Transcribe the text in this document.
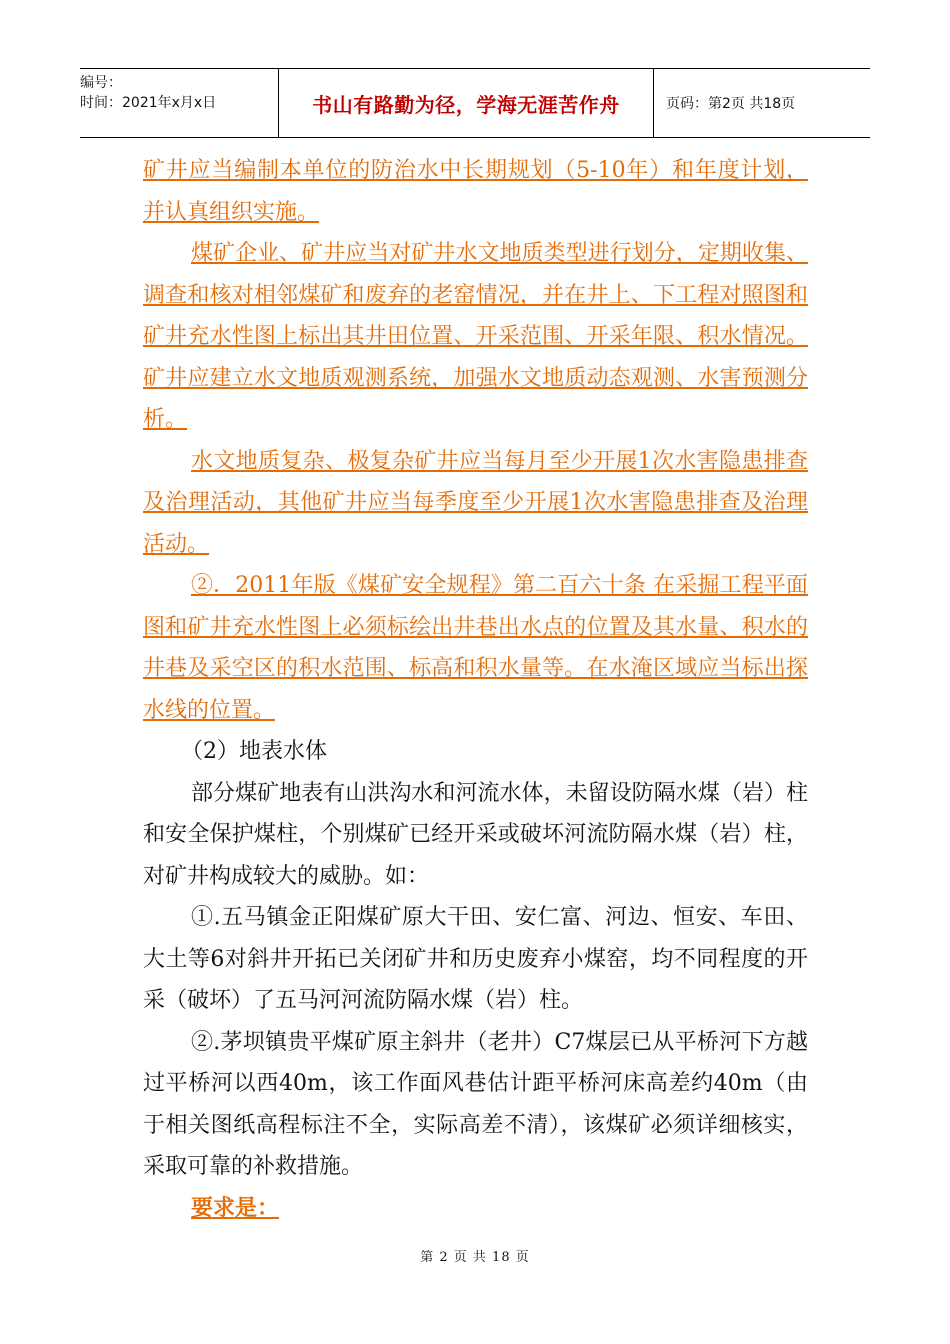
编号：
时间：2021年x月x日	书山有路勤为径，学海无涯苦作舟	页码：第2页 共18页

矿井应当编制本单位的防治水中长期规划（5-10年）和年度计划，并认真组织实施。

煤矿企业、矿井应当对矿井水文地质类型进行划分，定期收集、调查和核对相邻煤矿和废弃的老窑情况，并在井上、下工程对照图和矿井充水性图上标出其井田位置、开采范围、开采年限、积水情况。矿井应建立水文地质观测系统，加强水文地质动态观测、水害预测分析。

水文地质复杂、极复杂矿井应当每月至少开展1次水害隐患排查及治理活动，其他矿井应当每季度至少开展1次水害隐患排查及治理活动。

②．2011年版《煤矿安全规程》第二百六十条 在采掘工程平面图和矿井充水性图上必须标绘出井巷出水点的位置及其水量、积水的井巷及采空区的积水范围、标高和积水量等。在水淹区域应当标出探水线的位置。

（2）地表水体

部分煤矿地表有山洪沟水和河流水体，未留设防隔水煤（岩）柱和安全保护煤柱，个别煤矿已经开采或破坏河流防隔水煤（岩）柱，对矿井构成较大的威胁。如：

①.五马镇金正阳煤矿原大干田、安仁富、河边、恒安、车田、大土等6对斜井开拓已关闭矿井和历史废弃小煤窑，均不同程度的开采（破坏）了五马河河流防隔水煤（岩）柱。

②.茅坝镇贵平煤矿原主斜井（老井）C7煤层已从平桥河下方越过平桥河以西40m，该工作面风巷估计距平桥河床高差约40m（由于相关图纸高程标注不全，实际高差不清），该煤矿必须详细核实，采取可靠的补救措施。

要求是：

第 2 页 共 18 页
